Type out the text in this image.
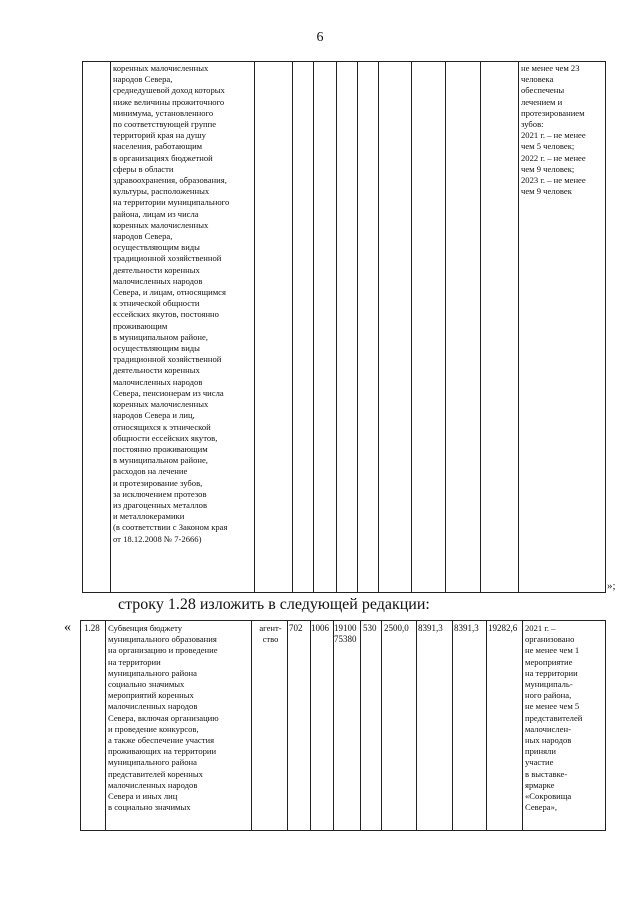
6
коренных малочисленных
народов Севера,
среднедушевой доход которых
ниже величины прожиточного
минимума, установленного
по соответствующей группе
территорий края на душу
населения, работающим
в организациях бюджетной
сферы в области
здравоохранения, образования,
культуры, расположенных
на территории муниципального
района, лицам из числа
коренных малочисленных
народов Севера,
осуществляющим виды
традиционной хозяйственной
деятельности коренных
малочисленных народов
Севера, и лицам, относящимся
к этнической общности
ессейских якутов, постоянно
проживающим
в муниципальном районе,
осуществляющим виды
традиционной хозяйственной
деятельности коренных
малочисленных народов
Севера, пенсионерам из числа
коренных малочисленных
народов Севера и лиц,
относящихся к этнической
общности ессейских якутов,
постоянно проживающим
в муниципальном районе,
расходов на лечение
и протезирование зубов,
за исключением протезов
из драгоценных металлов
и металлокерамики
(в соответствии с Законом края
от 18.12.2008 № 7-2666)
не менее чем 23
человека
обеспечены
лечением и
протезированием
зубов:
2021 г. – не менее
чем 5 человек;
2022 г. – не менее
чем 9 человек;
2023 г. – не менее
чем 9 человек
»;
строку 1.28 изложить в следующей редакции:
« 1.28 Субвенция бюджету
муниципального образования
на организацию и проведение
на территории
муниципального района
социально значимых
мероприятий коренных
малочисленных народов
Севера, включая организацию
и проведение конкурсов,
а также обеспечение участия
проживающих на территории
муниципального района
представителей коренных
малочисленных народов
Севера и иных лиц
в социально значимых
агент-
ство
702 1006 19100
75380
530 2500,0 8391,3 8391,3 19282,6 2021 г. –
организовано
не менее чем 1
мероприятие
на территории
муниципаль-
ного района,
не менее чем 5
представителей
малочислен-
ных народов
приняли
участие
в выставке-
ярмарке
«Сокровища
Севера»,
